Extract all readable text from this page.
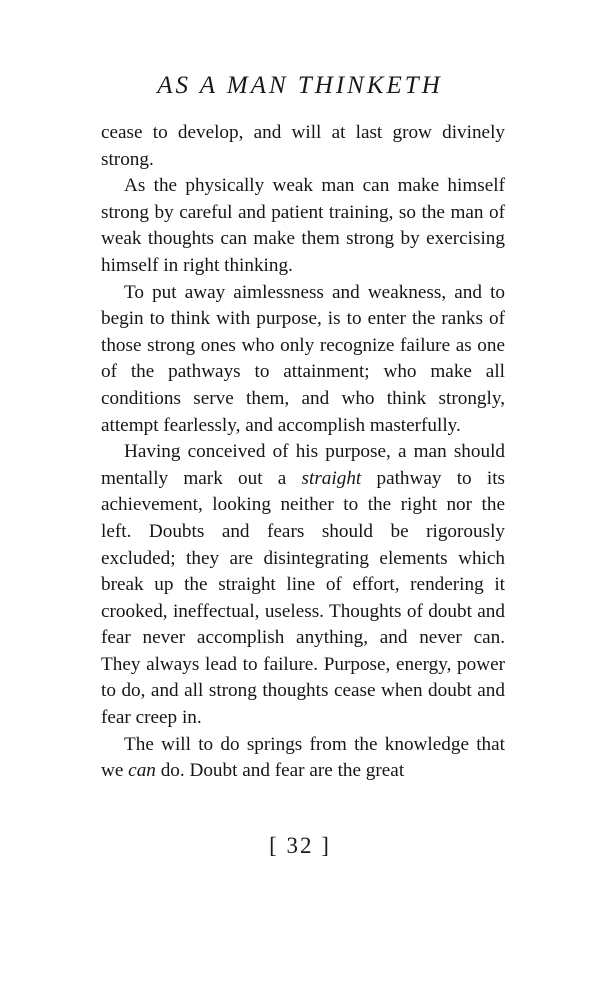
AS A MAN THINKETH

cease to develop, and will at last grow divinely strong.

As the physically weak man can make himself strong by careful and patient training, so the man of weak thoughts can make them strong by exercising himself in right thinking.

To put away aimlessness and weakness, and to begin to think with purpose, is to enter the ranks of those strong ones who only recognize failure as one of the pathways to attainment; who make all conditions serve them, and who think strongly, attempt fearlessly, and accomplish masterfully.

Having conceived of his purpose, a man should mentally mark out a straight pathway to its achievement, looking neither to the right nor the left. Doubts and fears should be rigorously excluded; they are disintegrating elements which break up the straight line of effort, rendering it crooked, ineffectual, useless. Thoughts of doubt and fear never accomplish anything, and never can. They always lead to failure. Purpose, energy, power to do, and all strong thoughts cease when doubt and fear creep in.

The will to do springs from the knowledge that we can do. Doubt and fear are the great

[ 32 ]
